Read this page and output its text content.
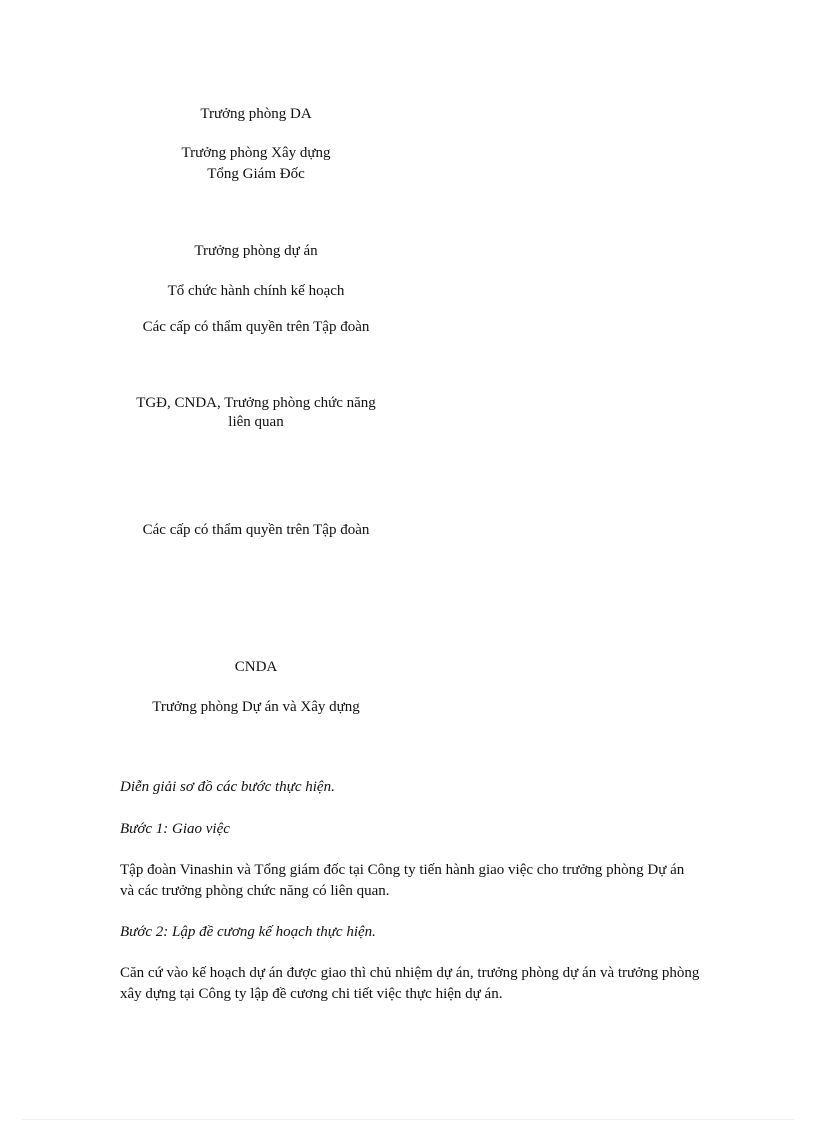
Trưởng phòng DA
Trưởng phòng Xây dựng
Tổng Giám Đốc
Trưởng phòng dự án
Tổ chức hành chính kế hoạch
Các cấp có thẩm quyền trên Tập đoàn
TGĐ, CNDA, Trưởng phòng chức năng
liên quan
Các cấp có thẩm quyền trên Tập đoàn
CNDA
Trưởng phòng Dự án và Xây dựng
Diễn giải sơ đồ các bước thực hiện.
Bước 1: Giao việc
Tập đoàn Vinashin và Tổng giám đốc tại Công ty tiến hành giao việc cho trưởng phòng Dự án và các trưởng phòng chức năng có liên quan.
Bước 2: Lập đề cương kế hoạch thực hiện.
Căn cứ vào kế hoạch dự án được giao thì chủ nhiệm dự án, trưởng phòng dự án và trưởng phòng xây dựng tại Công ty lập đề cương chi tiết việc thực hiện dự án.
